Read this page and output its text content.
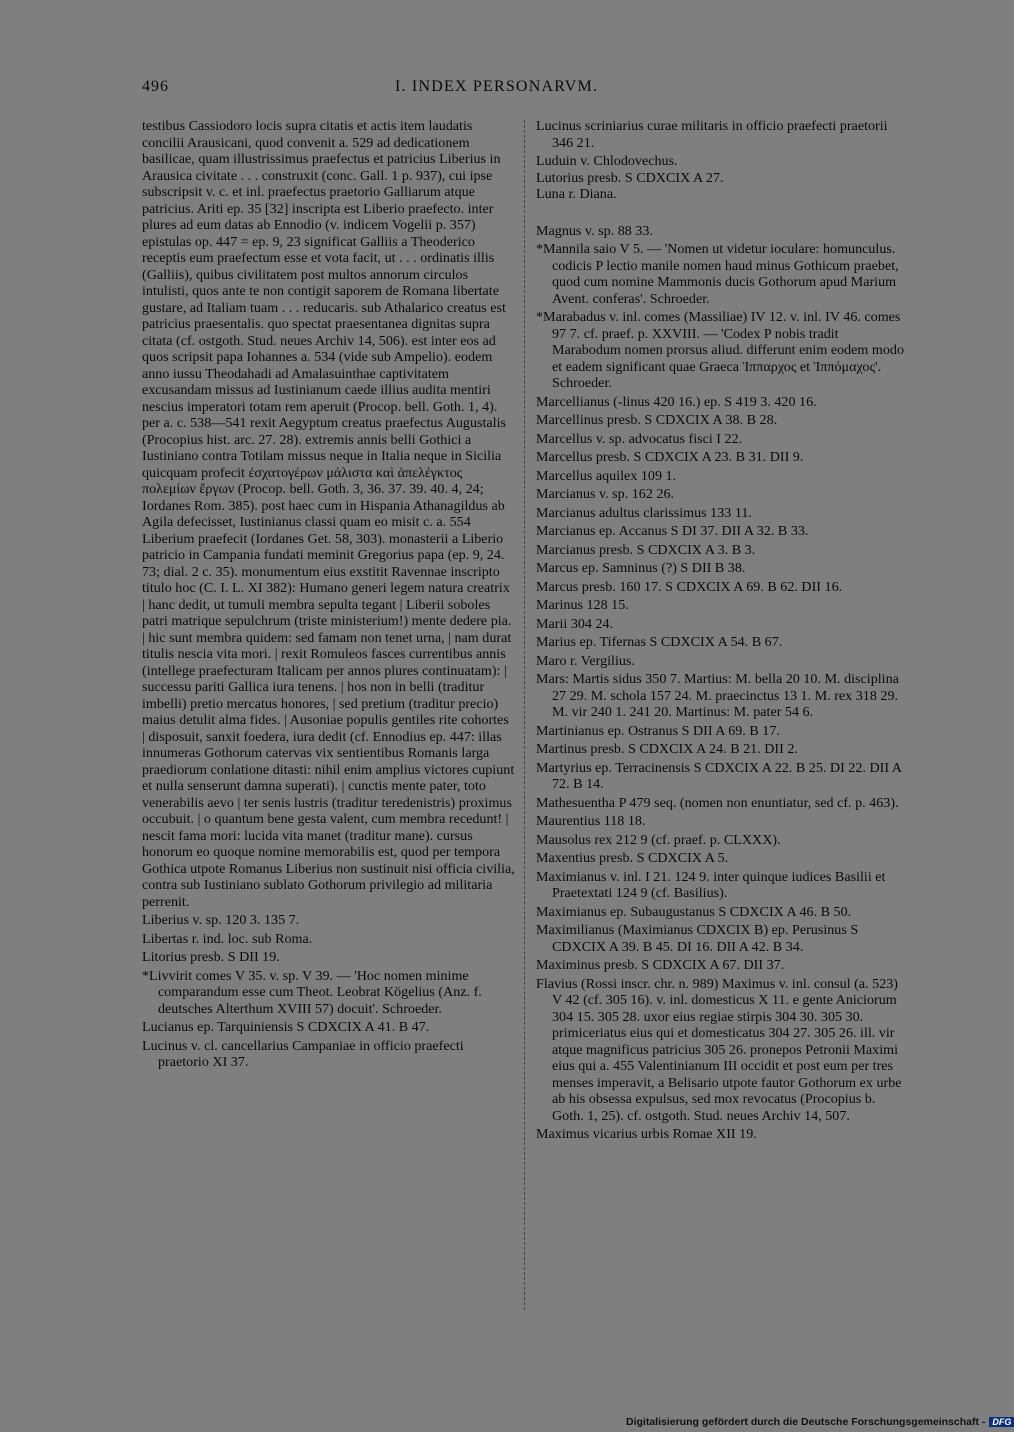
496	I. INDEX PERSONARVM.

testibus Cassiodoro locis supra citatis et actis item laudatis concilii Arausicani, quod convenit a. 529 ad dedicationem basilicae, quam illustrissimus praefectus et patricius Liberius in Arausica civitate . . . construxit (conc. Gall. 1 p. 937), cui ipse subscripsit v. c. et inl. praefectus praetorio Galliarum atque patricius. Ariti ep. 35 [32] inscripta est Liberio praefecto. inter plures ad eum datas ab Ennodio (v. indicem Vogelii p. 357) epistulas op. 447 = ep. 9, 23 significat Galliis a Theoderico receptis eum praefectum esse et vota facit, ut . . . ordinatis illis (Galliis), quibus civilitatem post multos annorum circulos intulisti, quos ante te non contigit saporem de Romana libertate gustare, ad Italiam tuam . . . reducaris. sub Athalarico creatus est patricius praesentalis. quo spectat praesentanea dignitas supra citata (cf. ostgoth. Stud. neues Archiv 14, 506). est inter eos ad quos scripsit papa Iohannes a. 534 (vide sub Ampelio). eodem anno iussu Theodahadi ad Amalasuinthae captivitatem excusandam missus ad Iustinianum caede illius audita mentiri nescius imperatori totam rem aperuit (Procop. bell. Goth. 1, 4). per a. c. 538—541 rexit Aegyptum creatus praefectus Augustalis (Procopius hist. arc. 27. 28). extremis annis belli Gothici a Iustiniano contra Totilam missus neque in Italia neque in Sicilia quicquam profecit ἐσχατογέρων μάλιστα καὶ ἀπελέγκτος πολεμίων ἔργων (Procop. bell. Goth. 3, 36. 37. 39. 40. 4, 24; Iordanes Rom. 385). post haec cum in Hispania Athanagildus ab Agila defecisset, Iustinianus classi quam eo misit c. a. 554 Liberium praefecit (Iordanes Get. 58, 303). monasterii a Liberio patricio in Campania fundati meminit Gregorius papa (ep. 9, 24. 73; dial. 2 c. 35). monumentum eius exstitit Ravennae inscripto titulo hoc (C. I. L. XI 382): Humano generi legem natura creatrix | hanc dedit, ut tumuli membra sepulta tegant | Liberii soboles patri matrique sepulchrum (triste ministerium!) mente dedere pia. | hic sunt membra quidem: sed famam non tenet urna, | nam durat titulis nescia vita mori. | rexit Romuleos fasces currentibus annis (intellege praefecturam Italicam per annos plures continuatam): | successu pariti Gallica iura tenens. | hos non in belli (traditur imbelli) pretio mercatus honores, | sed pretium (traditur precio) maius detulit alma fides. | Ausoniae populis gentiles rite cohortes | disposuit, sanxit foedera, iura dedit (cf. Ennodius ep. 447: illas innumeras Gothorum catervas vix sentientibus Romanis larga praediorum conlatione ditasti: nihil enim amplius victores cupiunt et nulla senserunt damna superati). | cunctis mente pater, toto venerabilis aevo | ter senis lustris (traditur teredenistris) proximus occubuit. | o quantum bene gesta valent, cum membra recedunt! | nescit fama mori: lucida vita manet (traditur mane). cursus honorum eo quoque nomine memorabilis est, quod per tempora Gothica utpote Romanus Liberius non sustinuit nisi officia civilia, contra sub Iustiniano sublato Gothorum privilegio ad militaria perrenit.

Liberius v. sp. 120 3. 135 7.

Libertas r. ind. loc. sub Roma.

Litorius presb. S DII 19.

*Livvirit comes V 35. v. sp. V 39. — 'Hoc nomen minime comparandum esse cum Theot. Leobrat Kögelius (Anz. f. deutsches Alterthum XVIII 57) docuit'. Schroeder.

Lucianus ep. Tarquiniensis S CDXCIX A 41. B 47.

Lucinus v. cl. cancellarius Campaniae in officio praefecti praetorio XI 37.

Lucinus scriniarius curae militaris in officio praefecti praetorii 346 21.

Luduin v. Chlodovechus.

Lutorius presb. S CDXCIX A 27.

Luna r. Diana.

Magnus v. sp. 88 33.

*Mannila saio V 5. — 'Nomen ut videtur ioculare: homunculus. codicis P lectio manile nomen haud minus Gothicum praebet, quod cum nomine Mammonis ducis Gothorum apud Marium Avent. conferas'. Schroeder.

*Marabadus v. inl. comes (Massiliae) IV 12. v. inl. IV 46. comes 97 7. cf. praef. p. XXVIII. — 'Codex P nobis tradit Marabodum nomen prorsus aliud. differunt enim eodem modo et eadem significant quae Graeca Ἱππαρχος et Ἱππόμαχος'. Schroeder.

Marcellianus (-linus 420 16.) ep. S 419 3. 420 16.

Marcellinus presb. S CDXCIX A 38. B 28.

Marcellus v. sp. advocatus fisci I 22.

Marcellus presb. S CDXCIX A 23. B 31. DII 9.

Marcellus aquilex 109 1.

Marcianus v. sp. 162 26.

Marcianus adultus clarissimus 133 11.

Marcianus ep. Accanus S DI 37. DII A 32. B 33.

Marcianus presb. S CDXCIX A 3. B 3.

Marcus ep. Samninus (?) S DII B 38.

Marcus presb. 160 17. S CDXCIX A 69. B 62. DII 16.

Marinus 128 15.

Marii 304 24.

Marius ep. Tifernas S CDXCIX A 54. B 67.

Maro r. Vergilius.

Mars: Martis sidus 350 7. Martius: M. bella 20 10. M. disciplina 27 29. M. schola 157 24. M. praecinctus 13 1. M. rex 318 29. M. vir 240 1. 241 20. Martinus: M. pater 54 6.

Martinianus ep. Ostranus S DII A 69. B 17.

Martinus presb. S CDXCIX A 24. B 21. DII 2.

Martyrius ep. Terracinensis S CDXCIX A 22. B 25. DI 22. DII A 72. B 14.

Mathesuentha P 479 seq. (nomen non enuntiatur, sed cf. p. 463).

Maurentius 118 18.

Mausolus rex 212 9 (cf. praef. p. CLXXX).

Maxentius presb. S CDXCIX A 5.

Maximianus v. inl. I 21. 124 9. inter quinque iudices Basilii et Praetextati 124 9 (cf. Basilius).

Maximianus ep. Subaugustanus S CDXCIX A 46. B 50.

Maximilianus (Maximianus CDXCIX B) ep. Perusinus S CDXCIX A 39. B 45. DI 16. DII A 42. B 34.

Maximinus presb. S CDXCIX A 67. DII 37.

Flavius (Rossi inscr. chr. n. 989) Maximus v. inl. consul (a. 523) V 42 (cf. 305 16). v. inl. domesticus X 11. e gente Aniciorum 304 15. 305 28. uxor eius regiae stirpis 304 30. 305 30. primiceriatus eius qui et domesticatus 304 27. 305 26. ill. vir atque magnificus patricius 305 26. pronepos Petronii Maximi eius qui a. 455 Valentinianum III occidit et post eum per tres menses imperavit, a Belisario utpote fautor Gothorum ex urbe ab his obsessa expulsus, sed mox revocatus (Procopius b. Goth. 1, 25). cf. ostgoth. Stud. neues Archiv 14, 507.

Maximus vicarius urbis Romae XII 19.

Digitalisierung gefördert durch die Deutsche Forschungsgemeinschaft - DFG
